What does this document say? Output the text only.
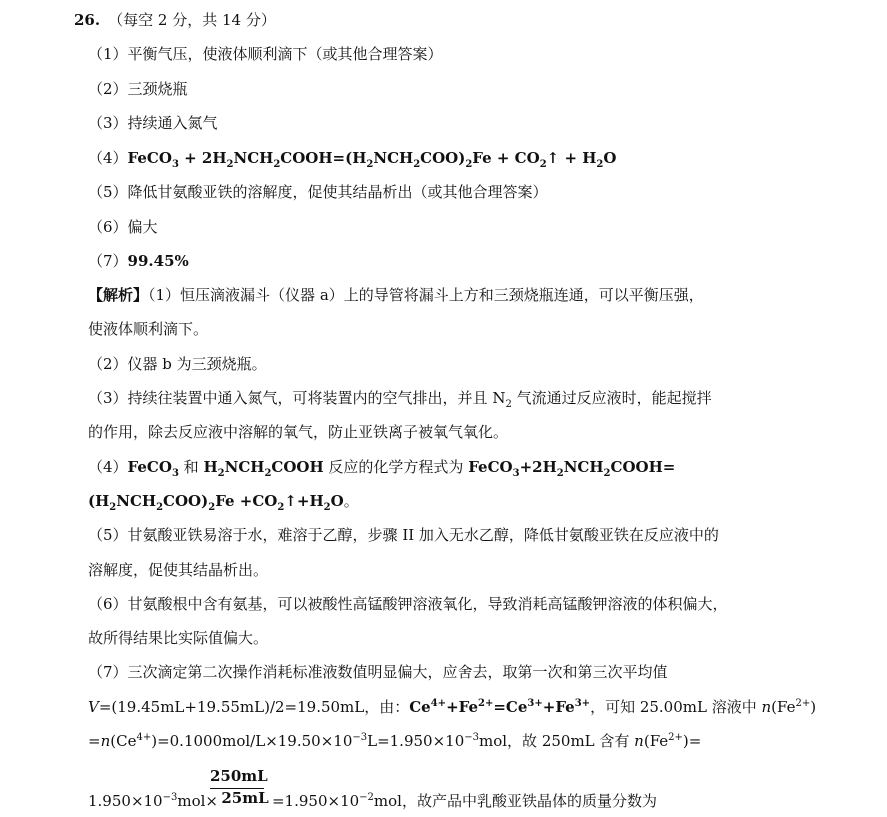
26. （每空 2 分，共 14 分）
（1）平衡气压，使液体顺利滴下（或其他合理答案）
（2）三颈烧瓶
（3）持续通入氮气
（4）FeCO$_3$ + $2H_2NCH_2COOH=(H_2NCH_2COO)_2Fe$ + $CO_2↑ + H_2O$
（5）降低甘氨酸亚铁的溶解度，促使其结晶析出（或其他合理答案）
（6）偏大
（7）99.45%
【解析】（1）恒压滴液漏斗（仪器 a）上的导管将漏斗上方和三颈烧瓶连通，可以平衡压强，
使液体顺利滴下。
（2）仪器 b 为三颈烧瓶。
（3）持续往装置中通入氮气，可将装置内的空气排出，并且 $N_2$ 气流通过反应液时，能起搅拌
的作用，除去反应液中溶解的氧气，防止亚铁离子被氧气氧化。
（4）FeCO$_3$ 和 $H_2NCH_2COOH$ 反应的化学方程式为 $FeCO_3+2H_2NCH_2COOH=$
$(H_2NCH_2COO)_2Fe$ $+CO_2↑+H_2O$。
（5）甘氨酸亚铁易溶于水，难溶于乙醇，步骤 II 加入无水乙醇，降低甘氨酸亚铁在反应液中的
溶解度，促使其结晶析出。
（6）甘氨酸根中含有氨基，可以被酸性高锰酸钾溶液氧化，导致消耗高锰酸钾溶液的体积偏大，
故所得结果比实际值偏大。
（7）三次滴定第二次操作消耗标准液数值明显偏大，应舍去，取第一次和第三次平均值
V=(19.45mL+19.55mL)/2=19.50mL，由：$Ce^{4+}+Fe^{2+}=Ce^{3+}+Fe^{3+}$，可知 25.00mL 溶液中 $n(Fe^{2+})$
$=n(Ce^{4+})=0.1000mol/L\times 19.50\times 10^{-3}L=1.950\times 10^{-3}mol$，故 250mL 含有 $n(Fe^{2+})=$
250mL
$1.950\times 10^{-3}mol\times 25mL =1.950\times 10^{-2}mol$，故产品中乳酸亚铁晶体的质量分数为
